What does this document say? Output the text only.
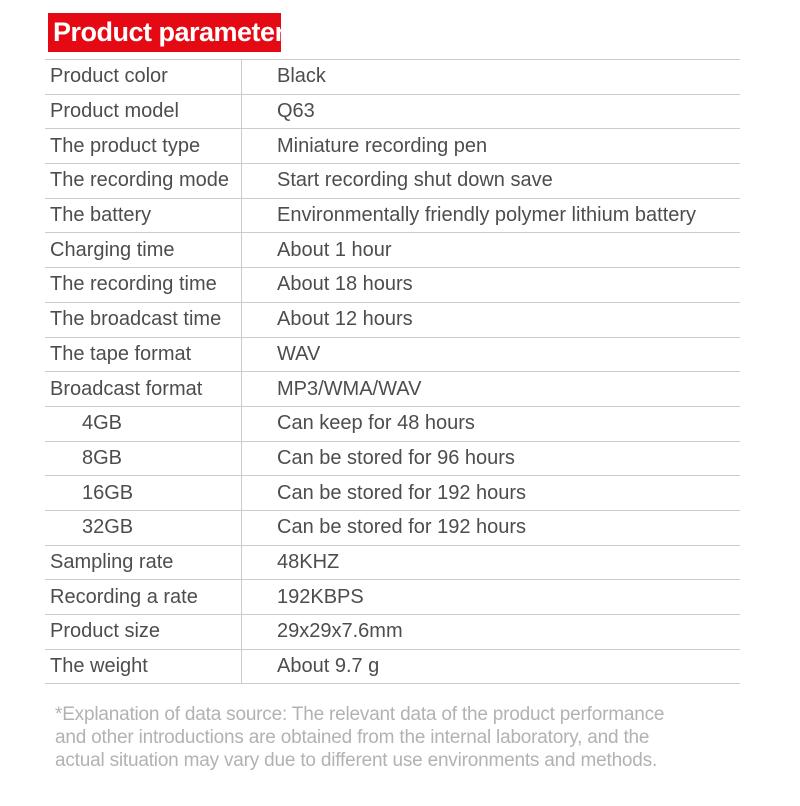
Product parameters
Product color	Black
Product model	Q63
The product type	Miniature recording pen
The recording mode	Start recording shut down save
The battery	Environmentally friendly polymer lithium battery
Charging time	About 1 hour
The recording time	About 18 hours
The broadcast time	About 12 hours
The tape format	WAV
Broadcast format	MP3/WMA/WAV
4GB	Can keep for 48 hours
8GB	Can be stored for 96 hours
16GB	Can be stored for 192 hours
32GB	Can be stored for 192 hours
Sampling rate	48KHZ
Recording a rate	192KBPS
Product size	29x29x7.6mm
The weight	About 9.7 g
*Explanation of data source: The relevant data of the product performance
and other introductions are obtained from the internal laboratory, and the
actual situation may vary due to different use environments and methods.
